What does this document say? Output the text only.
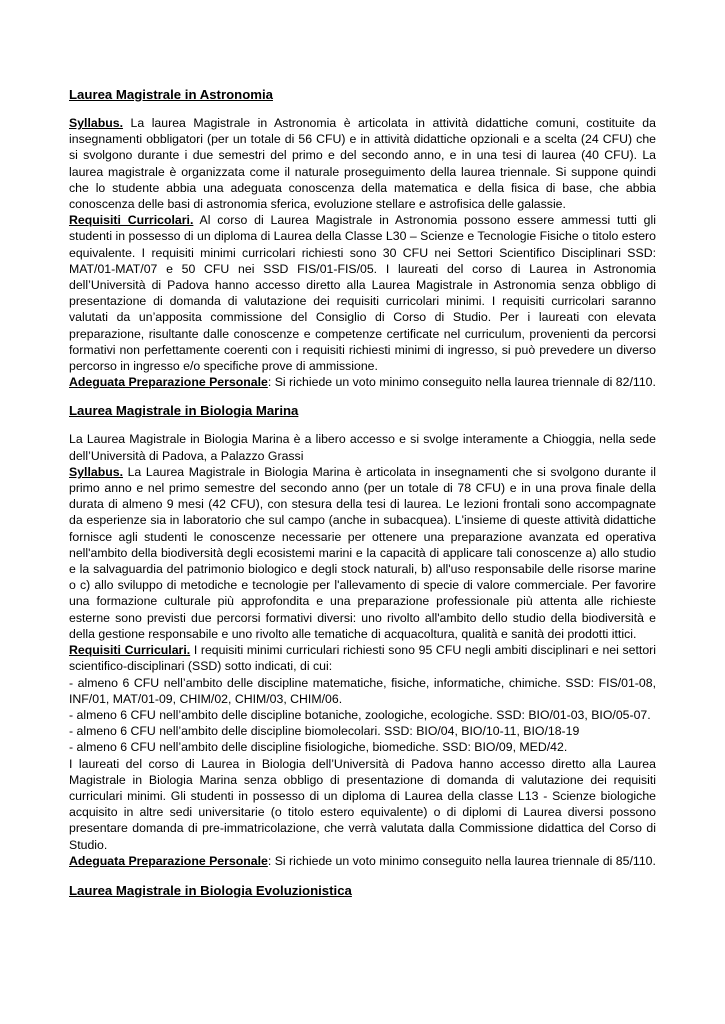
Laurea Magistrale in Astronomia

Syllabus. La laurea Magistrale in Astronomia è articolata in attività didattiche comuni, costituite da insegnamenti obbligatori (per un totale di 56 CFU) e in attività didattiche opzionali e a scelta (24 CFU) che si svolgono durante i due semestri del primo e del secondo anno, e in una tesi di laurea (40 CFU). La laurea magistrale è organizzata come il naturale proseguimento della laurea triennale. Si suppone quindi che lo studente abbia una adeguata conoscenza della matematica e della fisica di base, che abbia conoscenza delle basi di astronomia sferica, evoluzione stellare e astrofisica delle galassie.

Requisiti Curricolari. Al corso di Laurea Magistrale in Astronomia possono essere ammessi tutti gli studenti in possesso di un diploma di Laurea della Classe L30 – Scienze e Tecnologie Fisiche o titolo estero equivalente. I requisiti minimi curricolari richiesti sono 30 CFU nei Settori Scientifico Disciplinari SSD: MAT/01-MAT/07 e 50 CFU nei SSD FIS/01-FIS/05. I laureati del corso di Laurea in Astronomia dell’Università di Padova hanno accesso diretto alla Laurea Magistrale in Astronomia senza obbligo di presentazione di domanda di valutazione dei requisiti curricolari minimi. I requisiti curricolari saranno valutati da un’apposita commissione del Consiglio di Corso di Studio. Per i laureati con elevata preparazione, risultante dalle conoscenze e competenze certificate nel curriculum, provenienti da percorsi formativi non perfettamente coerenti con i requisiti richiesti minimi di ingresso, si può prevedere un diverso percorso in ingresso e/o specifiche prove di ammissione.

Adeguata Preparazione Personale: Si richiede un voto minimo conseguito nella laurea triennale di 82/110.

Laurea Magistrale in Biologia Marina

La Laurea Magistrale in Biologia Marina è a libero accesso e si svolge interamente a Chioggia, nella sede dell’Università di Padova, a Palazzo Grassi

Syllabus. La Laurea Magistrale in Biologia Marina è articolata in insegnamenti che si svolgono durante il primo anno e nel primo semestre del secondo anno (per un totale di 78 CFU) e in una prova finale della durata di almeno 9 mesi (42 CFU), con stesura della tesi di laurea. Le lezioni frontali sono accompagnate da esperienze sia in laboratorio che sul campo (anche in subacquea). L'insieme di queste attività didattiche fornisce agli studenti le conoscenze necessarie per ottenere una preparazione avanzata ed operativa nell'ambito della biodiversità degli ecosistemi marini e la capacità di applicare tali conoscenze a) allo studio e la salvaguardia del patrimonio biologico e degli stock naturali, b) all'uso responsabile delle risorse marine o c) allo sviluppo di metodiche e tecnologie per l'allevamento di specie di valore commerciale. Per favorire una formazione culturale più approfondita e una preparazione professionale più attenta alle richieste esterne sono previsti due percorsi formativi diversi: uno rivolto all'ambito dello studio della biodiversità e della gestione responsabile e uno rivolto alle tematiche di acquacoltura, qualità e sanità dei prodotti ittici.

Requisiti Curriculari. I requisiti minimi curriculari richiesti sono 95 CFU negli ambiti disciplinari e nei settori scientifico-disciplinari (SSD) sotto indicati, di cui:

- almeno 6 CFU nell’ambito delle discipline matematiche, fisiche, informatiche, chimiche. SSD: FIS/01-08, INF/01, MAT/01-09, CHIM/02, CHIM/03, CHIM/06.
- almeno 6 CFU nell’ambito delle discipline botaniche, zoologiche, ecologiche. SSD: BIO/01-03, BIO/05-07.
- almeno 6 CFU nell’ambito delle discipline biomolecolari. SSD: BIO/04, BIO/10-11, BIO/18-19
- almeno 6 CFU nell’ambito delle discipline fisiologiche, biomediche. SSD: BIO/09, MED/42.

I laureati del corso di Laurea in Biologia dell’Università di Padova hanno accesso diretto alla Laurea Magistrale in Biologia Marina senza obbligo di presentazione di domanda di valutazione dei requisiti curriculari minimi. Gli studenti in possesso di un diploma di Laurea della classe L13 - Scienze biologiche acquisito in altre sedi universitarie (o titolo estero equivalente) o di diplomi di Laurea diversi possono presentare domanda di pre-immatricolazione, che verrà valutata dalla Commissione didattica del Corso di Studio.

Adeguata Preparazione Personale: Si richiede un voto minimo conseguito nella laurea triennale di 85/110.

Laurea Magistrale in Biologia Evoluzionistica
